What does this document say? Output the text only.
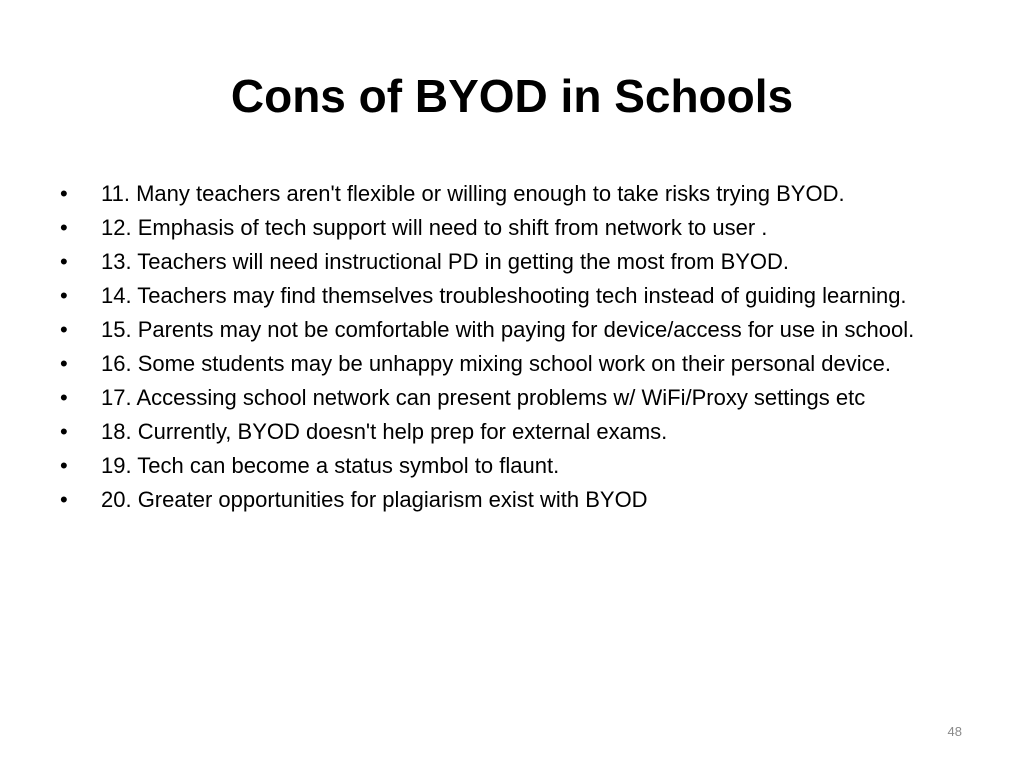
Cons of BYOD in Schools
•	11. Many teachers aren't flexible or willing enough to take risks trying BYOD.
•	12. Emphasis of tech support will need to shift from network to user .
•	13. Teachers will need instructional PD in getting the most from BYOD.
•	14. Teachers may find themselves troubleshooting tech instead of guiding learning.
•	15. Parents may not be comfortable with paying for device/access for use in school.
•	16. Some students may be unhappy mixing school work on their personal device.
•	17. Accessing school network can present problems w/ WiFi/Proxy settings etc
•	18. Currently, BYOD doesn't help prep for external exams.
•	19. Tech can become a status symbol to flaunt.
•	20. Greater opportunities for plagiarism exist with BYOD
48
